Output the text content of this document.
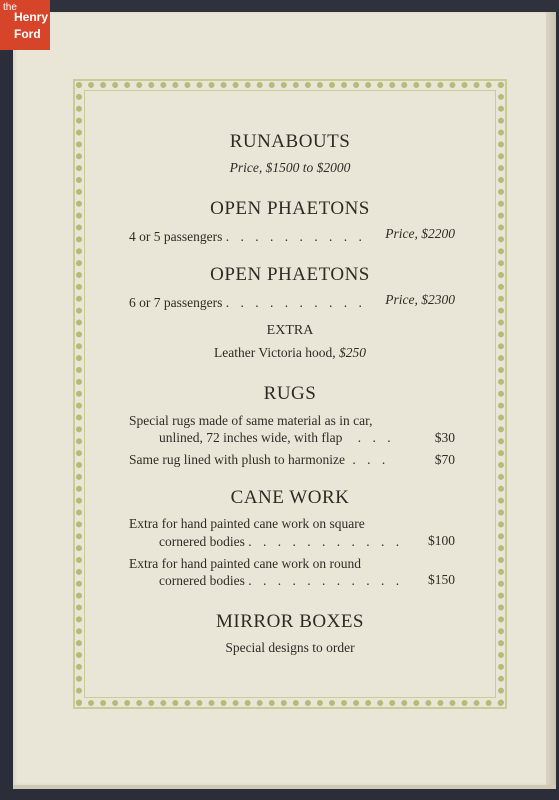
the
Henry
Ford
RUNABOUTS
Price, $1500 to $2000
OPEN PHAETONS
4 or 5 passengers . . . . . . . . . . Price, $2200
OPEN PHAETONS
6 or 7 passengers . . . . . . . . . . Price, $2300
EXTRA
Leather Victoria hood, $250
RUGS
Special rugs made of same material as in car,
unlined, 72 inches wide, with flap . . .	$30
Same rug lined with plush to harmonize . . .	$70
CANE WORK
Extra for hand painted cane work on square
cornered bodies . . . . . . . . . . . $100
Extra for hand painted cane work on round
cornered bodies . . . . . . . . . . . $150
MIRROR BOXES
Special designs to order
